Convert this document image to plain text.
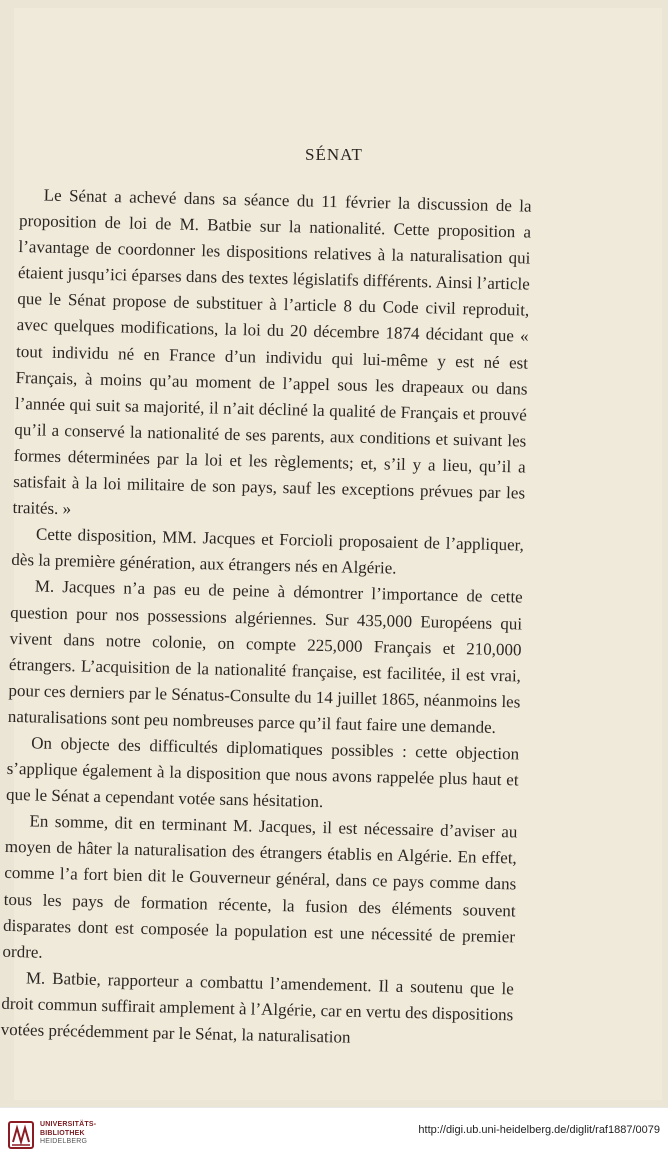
SÉNAT

Le Sénat a achevé dans sa séance du 11 février la discussion de la proposition de loi de M. Batbie sur la nationalité. Cette proposition a l’avantage de coordonner les dispositions relatives à la naturalisation qui étaient jusqu’ici éparses dans des textes législatifs différents. Ainsi l’article que le Sénat propose de substituer à l’article 8 du Code civil reproduit, avec quelques modifications, la loi du 20 décembre 1874 décidant que « tout individu né en France d’un individu qui lui-même y est né est Français, à moins qu’au moment de l’appel sous les drapeaux ou dans l’année qui suit sa majorité, il n’ait décliné la qualité de Français et prouvé qu’il a conservé la nationalité de ses parents, aux conditions et suivant les formes déterminées par la loi et les règlements; et, s’il y a lieu, qu’il a satisfait à la loi militaire de son pays, sauf les exceptions prévues par les traités. »

Cette disposition, MM. Jacques et Forcioli proposaient de l’appliquer, dès la première génération, aux étrangers nés en Algérie.

M. Jacques n’a pas eu de peine à démontrer l’importance de cette question pour nos possessions algériennes. Sur 435,000 Européens qui vivent dans notre colonie, on compte 225,000 Français et 210,000 étrangers. L’acquisition de la nationalité française, est facilitée, il est vrai, pour ces derniers par le Sénatus-Consulte du 14 juillet 1865, néanmoins les naturalisations sont peu nombreuses parce qu’il faut faire une demande.

On objecte des difficultés diplomatiques possibles : cette objection s’applique également à la disposition que nous avons rappelée plus haut et que le Sénat a cependant votée sans hésitation.

En somme, dit en terminant M. Jacques, il est nécessaire d’aviser au moyen de hâter la naturalisation des étrangers établis en Algérie. En effet, comme l’a fort bien dit le Gouverneur général, dans ce pays comme dans tous les pays de formation récente, la fusion des éléments souvent disparates dont est composée la population est une nécessité de premier ordre.

M. Batbie, rapporteur a combattu l’amendement. Il a soutenu que le droit commun suffirait amplement à l’Algérie, car en vertu des dispositions votées précédemment par le Sénat, la naturalisation

UNIVERSITÄTS-
BIBLIOTHEK
HEIDELBERG
http://digi.ub.uni-heidelberg.de/diglit/raf1887/0079
